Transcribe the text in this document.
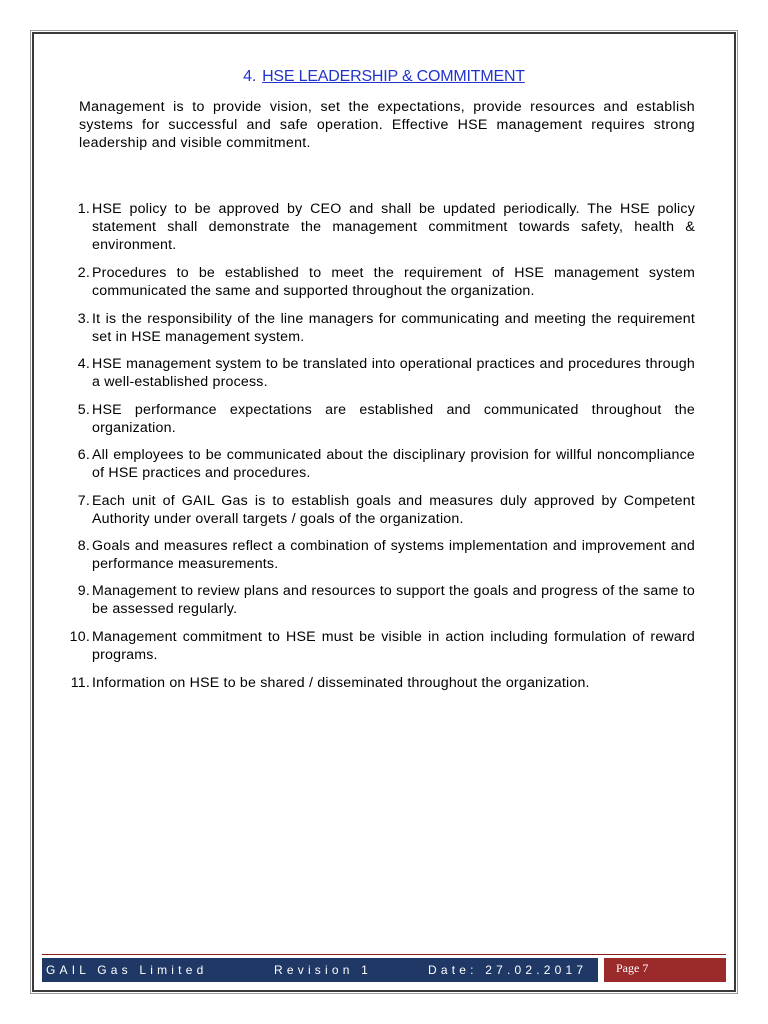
4. HSE LEADERSHIP & COMMITMENT
Management is to provide vision, set the expectations, provide resources and establish systems for successful and safe operation. Effective HSE management requires strong leadership and visible commitment.
1. HSE policy to be approved by CEO and shall be updated periodically. The HSE policy statement shall demonstrate the management commitment towards safety, health & environment.
2. Procedures to be established to meet the requirement of HSE management system communicated the same and supported throughout the organization.
3. It is the responsibility of the line managers for communicating and meeting the requirement set in HSE management system.
4. HSE management system to be translated into operational practices and procedures through a well-established process.
5. HSE performance expectations are established and communicated throughout the organization.
6. All employees to be communicated about the disciplinary provision for willful noncompliance of HSE practices and procedures.
7. Each unit of GAIL Gas is to establish goals and measures duly approved by Competent Authority under overall targets / goals of the organization.
8. Goals and measures reflect a combination of systems implementation and improvement and performance measurements.
9. Management to review plans and resources to support the goals and progress of the same to be assessed regularly.
10. Management commitment to HSE must be visible in action including formulation of reward programs.
11. Information on HSE to be shared / disseminated throughout the organization.
GAIL Gas Limited	Revision 1	Date: 27.02.2017	Page 7
